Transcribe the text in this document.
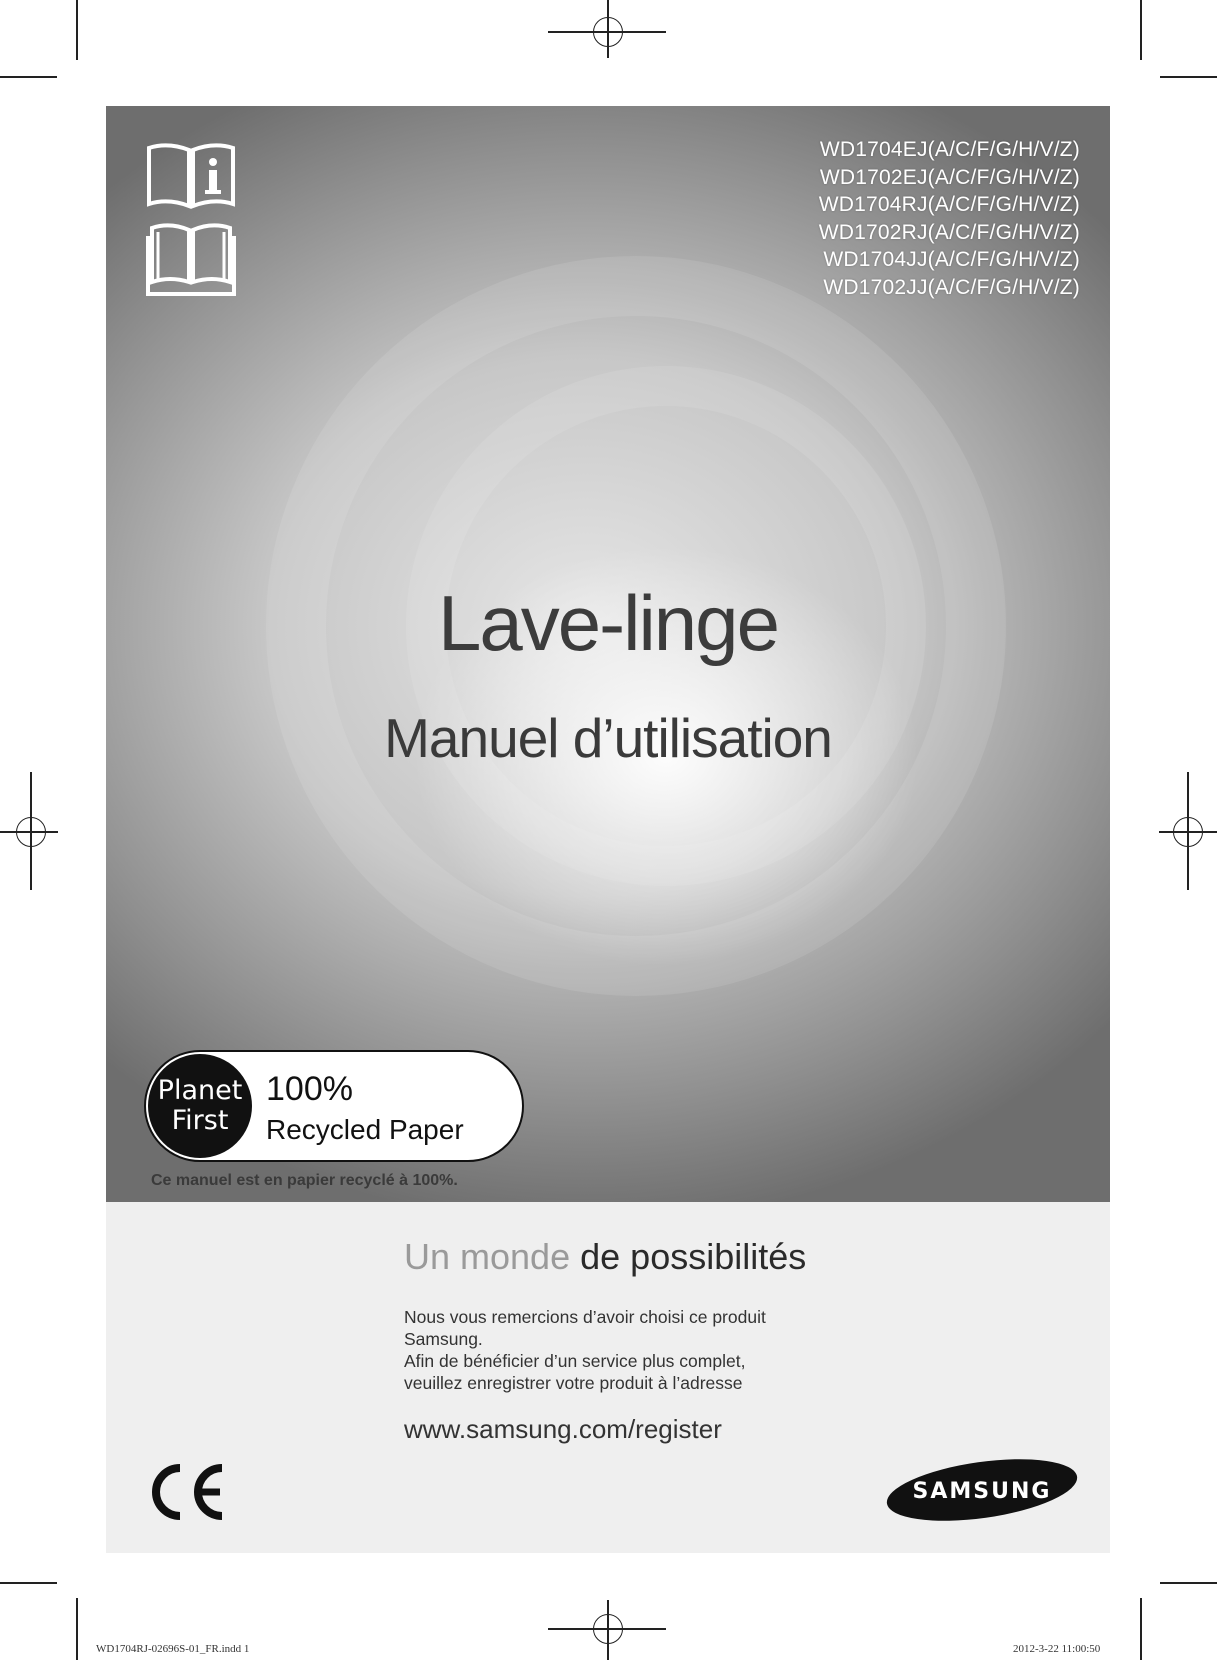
WD1704EJ(A/C/F/G/H/V/Z)
WD1702EJ(A/C/F/G/H/V/Z)
WD1704RJ(A/C/F/G/H/V/Z)
WD1702RJ(A/C/F/G/H/V/Z)
WD1704JJ(A/C/F/G/H/V/Z)
WD1702JJ(A/C/F/G/H/V/Z)
Lave-linge
Manuel d’utilisation
Planet
First
100%
Recycled Paper
Ce manuel est en papier recyclé à 100%.
Un monde de possibilités

Nous vous remercions d’avoir choisi ce produit

Samsung.

Afin de bénéficier d’un service plus complet,

veuillez enregistrer votre produit à l’adresse

www.samsung.com/register
SAMSUNG
WD1704RJ-02696S-01_FR.indd 1	2012-3-22 11:00:50
